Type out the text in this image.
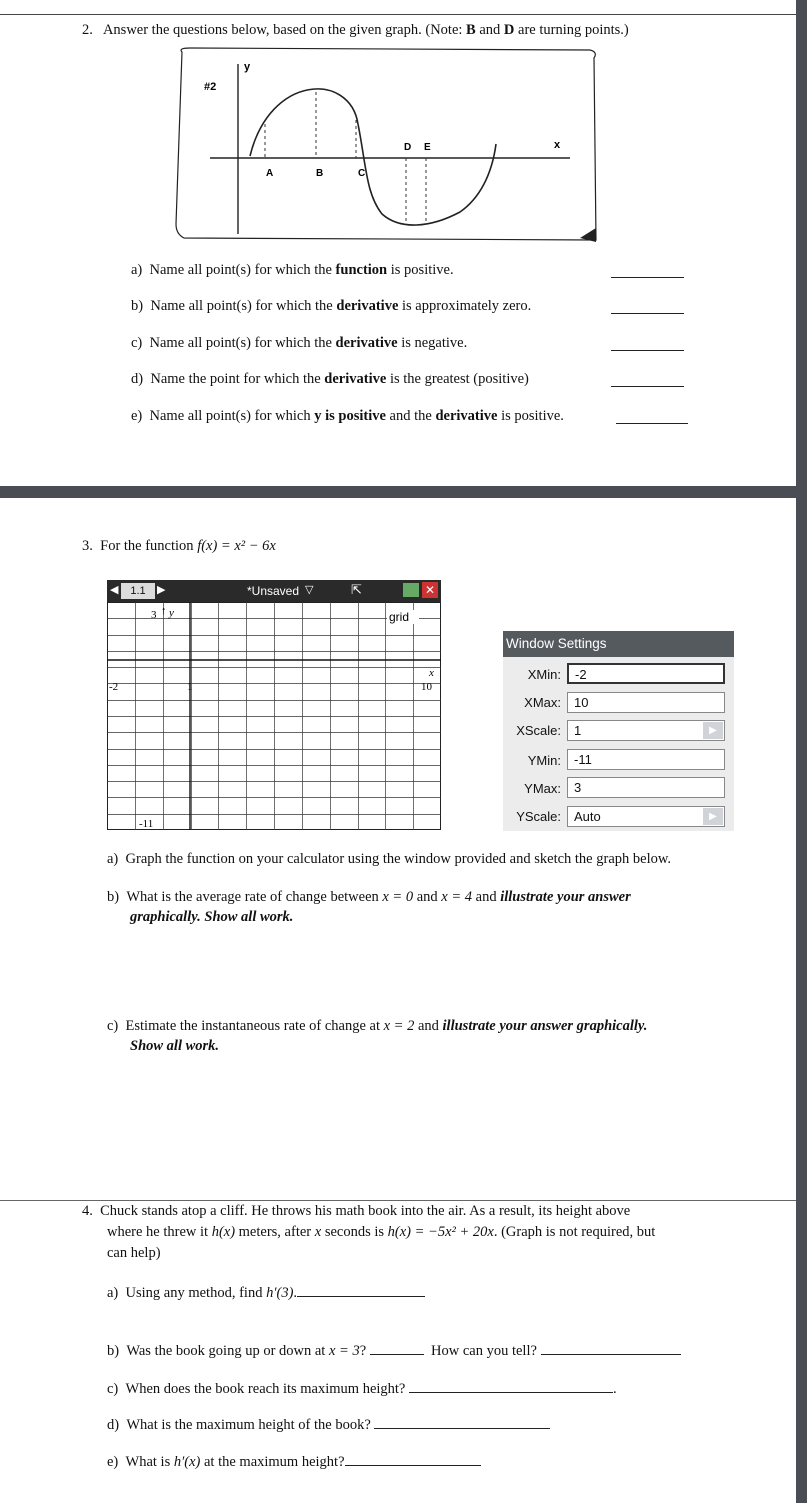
2. Answer the questions below, based on the given graph. (Note: B and D are turning points.)
#2
y
x
A	B	C
D E
a) Name all point(s) for which the function is positive.
b) Name all point(s) for which the derivative is approximately zero.
c) Name all point(s) for which the derivative is negative.
d) Name the point for which the derivative is the greatest (positive)
e) Name all point(s) for which y is positive and the derivative is positive.
3. For the function f(x) = x² − 6x
◀	1.1	▶	*Unsaved ▽	⇱	✕
3 ↑ y
-11
-2	1	10
x
grid
Window Settings
XMin:	-2
XMax:	10
XScale:	1	▶
YMin:	-11
YMax:	3
YScale:	Auto	▶
a) Graph the function on your calculator using the window provided and sketch the graph below.
b) What is the average rate of change between x = 0 and x = 4 and illustrate your answer
graphically. Show all work.
c) Estimate the instantaneous rate of change at x = 2 and illustrate your answer graphically.
Show all work.
4. Chuck stands atop a cliff. He throws his math book into the air. As a result, its height above
where he threw it h(x) meters, after x seconds is h(x) = −5x² + 20x. (Graph is not required, but
can help)
a) Using any method, find h′(3).
b) Was the book going up or down at x = 3?	How can you tell?
c) When does the book reach its maximum height?	.
d) What is the maximum height of the book?
e) What is h′(x) at the maximum height?
